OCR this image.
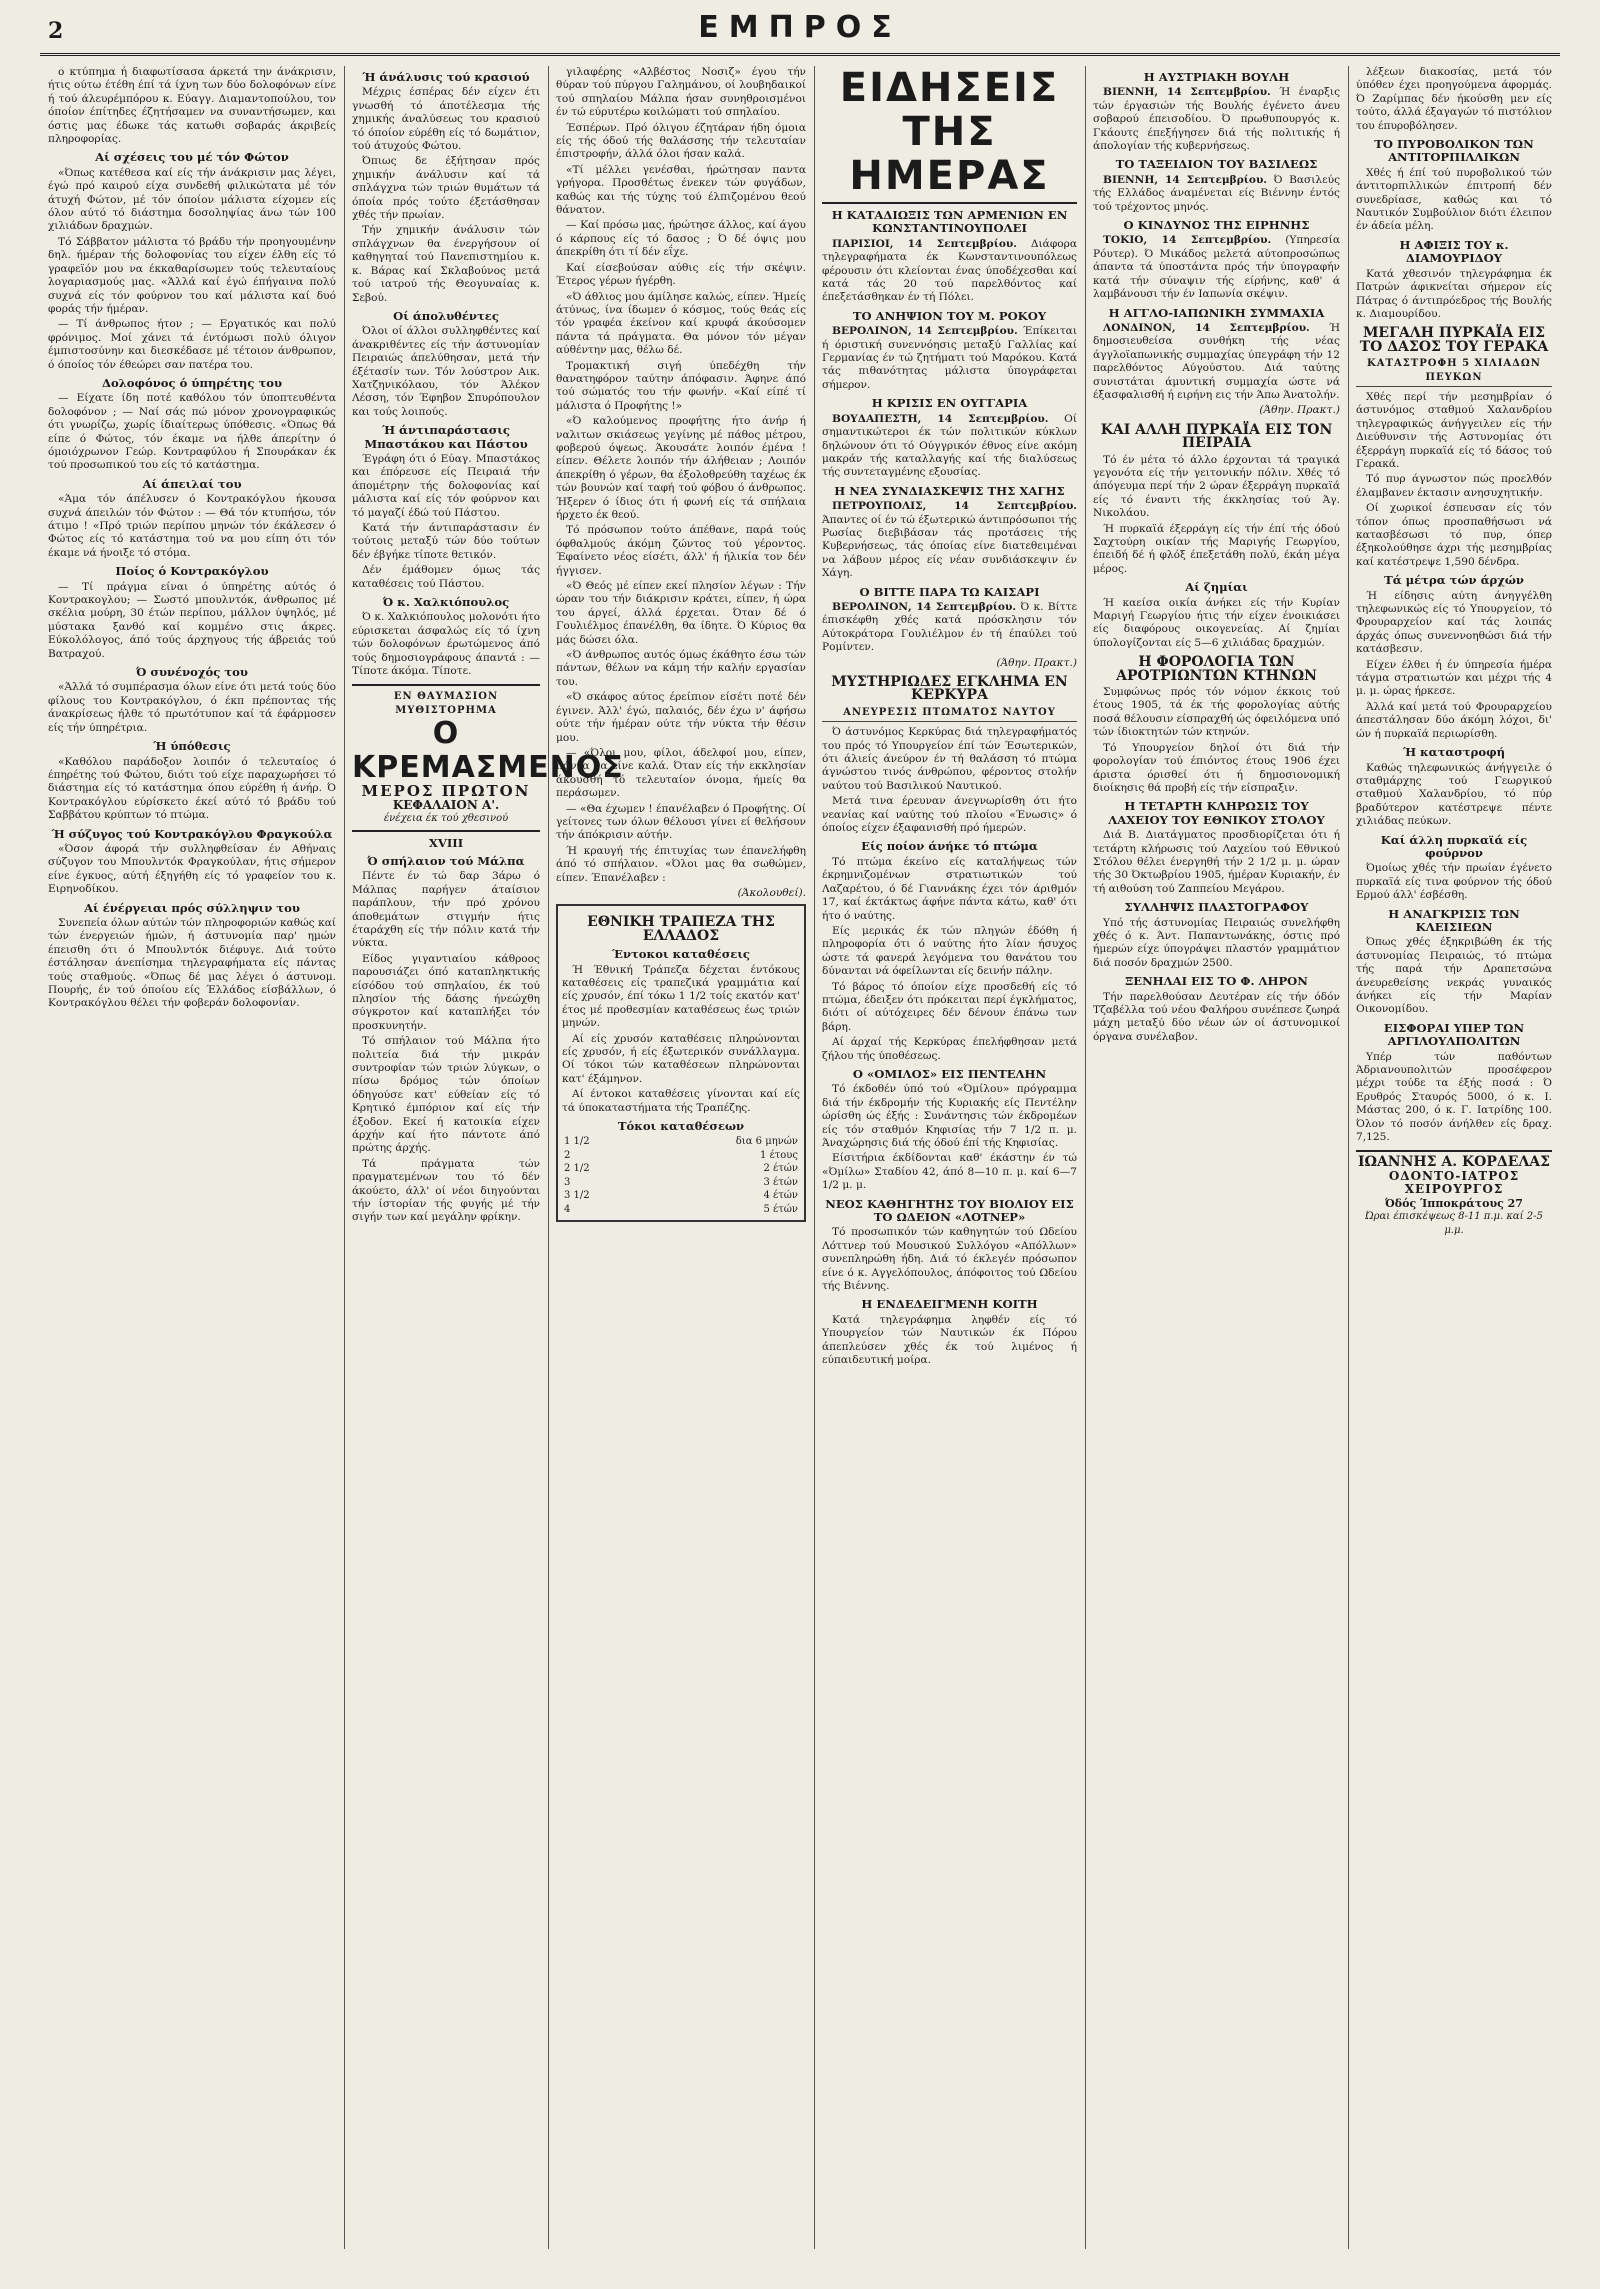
2	ΕΜΠΡΟΣ

ο κτύπημα ή διαφωτίσασα άρκετά την άνάκρισιν, ήτις ούτω έτέθη έπί τά ίχνη των δύο δολοφόνων είνε ή τού άλευρέμπόρου κ. Εύαγγ. Διαμαντοπούλου, τον όποίον έπίτηδες έζητήσαμεν να συναντήσωμεν, και όστις μας έδωκε τάς κατωθι σοβαράς άκριβείς πληροφορίας.

Αί σχέσεις του μέ τόν Φώτον

«Όπως κατέθεσα καί είς τήν άνάκρισιν μας λέγει, έγώ πρό καιρού είχα συνδεθή φιλικώτατα μέ τόν άτυχή Φώτον, μέ τόν όποίον μάλιστα είχομεν είς όλον αύτό τό διάστημα δοσοληψίας άνω τών 100 χιλιάδων δραχμών.

Τό Σάββατον μάλιστα τό βράδυ τήν προηγουμένην δηλ. ήμέραν τής δολοφονίας του είχεν έλθη είς τό γραφεϊόν μου να έκκαθαρίσωμεν τούς τελευταίους λογαριασμούς μας. «Άλλά καί έγώ έπήγαινα πολύ συχνά είς τόν φούρνον του καί μάλιστα καί δυό φοράς τήν ήμέραν.

— Τί άνθρωπος ήτον ; — Εργατικός και πολύ φρόνιμος. Μοί χάνει τά έντόμωσι πολύ όλιγον έμπιστοσύνην και διεσκέδασε μέ τέτοιον άνθρωπον, ό όποίος τόν έθεώρει σαν πατέρα του.

Δολοφόνος ό ύπηρέτης του

— Είχατε ίδη ποτέ καθόλου τόν ύποπτευθέντα δολοφόνον ; — Ναί σάς πώ μόνον χρονογραφικώς ότι γνωρίζω, χωρίς ίδιαίτερως ύπόθεσις. «Όπως θά είπε ό Φώτος, τόν έκαμε να ήλθε άπερίτην ό όμοιόχρωνον Γεώρ. Κοντραφύλου ή Σπουράκαν έκ τού προσωπικού του είς τό κατάστημα.

Αί άπειλαί του

«Άμα τόν άπέλυσεν ό Κοντρακόγλου ήκουσα συχνά άπειλών τόν Φώτον : — Θά τόν κτυπήσω, τόν άτιμο ! «Πρό τριών περίπου μηνών τόν έκάλεσεν ό Φώτος είς τό κατάστημα τού να μου είπη ότι τόν έκαμε νά ήνοιξε τό στόμα.

Ποίος ό Κοντρακόγλου

— Τί πράγμα είναι ό ύπηρέτης αύτός ό Κοντρακογλου; — Σωστό μπουλντόκ, άνθρωπος μέ σκέλια μούρη, 30 έτών περίπου, μάλλον ύψηλός, μέ μύστακα ξανθό καί κομμένο στις άκρες. Εύκολόλογος, άπό τούς άρχηγους τής άβρειάς τού Βατραχού.

Ό συνένοχός του

«Άλλά τό συμπέρασμα όλων είνε ότι μετά τούς δύο φίλους του Κοντρακόγλου, ό έκπ πρέποντας τής άνακρίσεως ήλθε τό πρωτότυπον καί τά έφάρμοσεν είς τήν ύπηρέτρια.

Ή ύπόθεσις

«Καθόλου παράδοξον λοιπόν ό τελευταίος ό έπηρέτης τού Φώτου, διότι τού είχε παραχωρήσει τό διάστημα είς τό κατάστημα όπου εύρέθη ή άνήρ. Ό Κοντρακόγλου εύρίσκετο έκεί αύτό τό βράδυ τού Σαββάτου κρύπτων τό πτώμα.

Ή σύζυγος τού Κοντρακόγλου Φραγκούλα

«Όσον άφορά τήν συλληφθείσαν έν Αθήναις σύζυγον του Μπουλντόκ Φραγκούλαν, ήτις σήμερον είνε έγκυος, αύτή έξηγήθη είς τό γραφείον του κ. Ειρηνοδίκου.

Αί ένέργειαι πρός σύλληψιν του

Συνεπεία όλων αύτών τών πληροφοριών καθώς καί τών ένεργειών ήμών, ή άστυνομία παρ' ημών έπεισθη ότι ό Μπουλντόκ διέφυγε. Διά τούτο έστάλησαν άνεπίσημα τηλεγραφήματα είς πάντας τούς σταθμούς. «Όπως δέ μας λέγει ό άστυνομ. Πουρής, έν τού όποίου είς Έλλάδος είσβάλλων, ό Κοντρακόγλου θέλει τήν φοβεράν δολοφονίαν.

Ή άνάλυσις τού κρασιού

Μέχρις έσπέρας δέν είχεν έτι γνωσθή τό άποτέλεσμα τής χημικής άναλύσεως του κρασιού τό όποίον εύρέθη είς τό δωμάτιον, τού άτυχούς Φώτου.

Όπιως δε έξήτησαν πρός χημικήν άνάλυσιν καί τά σπλάγχνα τών τριών θυμάτων τά όποία πρός τούτο έξετάσθησαν χθές τήν πρωίαν.

Τήν χημικήν άνάλυσιν τών σπλάγχνων θα ένεργήσουν οί καθηγηταί τού Πανεπιστημίου κ. κ. Βάρας καί Σκλαβούνος μετά τού ιατρού τής Θεογυναίας κ. Σεβού.

Οί άπολυθέντες

Όλοι οί άλλοι συλληφθέντες καί άνακριθέντες είς τήν άστυνομίαν Πειραιώς άπελύθησαν, μετά τήν έξέτασίν των. Τόν λούστρον Αικ. Χατζηνικόλαου, τόν Άλέκον Λέσση, τόν Έφηβον Σπυρόπουλον και τούς λοιπούς.

Ή άντιπαράστασις Μπαστάκου και Πάστου

Έγράφη ότι ό Εύαγ. Μπαστάκος και έπόρευσε είς Πειραιά τήν άπομέτρην τής δολοφονίας καί μάλιστα καί είς τόν φούρνον και τό μαγαζί έδώ τού Πάστου.

Κατά τήν άντιπαράστασιν έν τούτοις μεταξύ τών δύο τούτων δέν έβγήκε τίποτε θετικόν.

Δέν έμάθομεν όμως τάς καταθέσεις τού Πάστου.

Ό κ. Χαλκιόπουλος

Ό κ. Χαλκιόπουλος μολονότι ήτο εύρισκεται άσφαλώς είς τό ίχνη τών δολοφόνων έρωτώμενος άπό τούς δημοσιογράφους άπαντά : — Τίποτε άκόμα. Τίποτε.

ΕΝ ΘΑΥΜΑΣΙΟΝ ΜΥΘΙΣΤΟΡΗΜΑ
Ο ΚΡΕΜΑΣΜΕΝΟΣ
ΜΕΡΟΣ ΠΡΩΤΟΝ
ΚΕΦΑΛΑΙΟΝ Α'.
ένέχεια έκ τού χθεσινού
XVIII
Ό σπήλαιον τού Μάλπα

Πέντε έν τώ δαρ 3άρω ό Μάλπας παρήγεν άταίσιον παράπλουν, τήν πρό χρόνου άποθεμάτων στιγμήν ήτις έταράχθη είς τήν πόλιν κατά τήν νύκτα.

Είδος γιγαντιαίου κάθροος παρουσιάζει όπό καταπληκτικής είσόδου τού σπηλαίου, έκ τού πλησίον τής δάσης ήνεώχθη σύγκροτον καί καταπλήξει τόν προσκυνητήν.

Τό σπήλαιον τού Μάλπα ήτο πολιτεία διά τήν μικράν συντροφίαν τών τριών λύγκων, ο πίσω δρόμος τών όποίων όδηγούσε κατ' εύθείαν είς τό Κρητικό έμπόριον καί είς τήν έξοδον. Εκεί ή κατοικία είχεν άρχήν καί ήτο πάντοτε άπό πρώτης άρχής.

Τά πράγματα τών πραγματεμένων του τό δέν άκούετο, άλλ' οί νέοι διηγούνται τήν ίστορίαν τής φυγής μέ τήν σιγήν των καί μεγάλην φρίκην.

γιλαφέρης «Αλβέστος Νοσιζ» έγου τήν θύραν τού πύργου Γαλημάνου, οί λουβηδαικοί τού σπηλαίου Μάλπα ήσαν συνηθροισμένοι έν τώ εύρυτέρω κοιλώματι τού σπηλαίου.

Έσπέρων. Πρό όλιγου έζητάραν ήδη όμοια είς τής όδού τής θαλάσσης τήν τελευταίαν έπιστροφήν, άλλά όλοι ήσαν καλά.

«Τί μέλλει γενέσθαι, ήρώτησαν παντα γρήγορα. Προσθέτως ένεκεν τών φυγάδων, καθώς και τής τύχης τού έλπιζομένου θεού θάνατον.

— Καί πρόσω μας, ήρώτησε άλλος, καί άγου ό κάρπους είς τό δασος ; Ό δέ όψις μου άπεκρίθη ότι τί δέν εΐχε.

Καί είσεβούσαν αύθις είς τήν σκέψιν. Έτερος γέρων ήγέρθη.

«Ό άθλιος μου άμίλησε καλώς, είπεν. Ήμείς άτύνως, ίνα ίδωμεν ό κόσμος, τούς θεάς είς τόν γραφέα έκείνον καί κρυφά άκούσομεν πάντα τά πράγματα. Θα μόνον τόν μέγαν αύθέντην μας, θέλω δέ.

Τρομακτική σιγή ύπεδέχθη τήν θανατηφόρον ταύτην άπόφασιν. Άφηνε άπό τού σώματός του τήν φωνήν. «Καί είπέ τί μάλιστα ό Προφήτης !»

«Ό καλούμενος προφήτης ήτο άνήρ ή ναλιτων σκιάσεως γεγίνης μέ πάθος μέτρου, φοβερού όψεως. Άκουσάτε λοιπόν έμένα ! είπεν. Θέλετε λοιπόν τήν άλήθειαν ; Λοιπόν άπεκρίθη ό γέρων, θα έξολοθρεύθη ταχέως έκ τών βουνών καί ταφή τού φόβου ό άνθρωπος. Ήξερεν ό ίδιος ότι ή φωνή είς τά σπήλαια ήρχετο έκ θεού.

Τό πρόσωπον τούτο άπέθανε, παρά τούς όφθαλμούς άκόμη ζώντος τού γέροντος. Έφαίνετο νέος είσέτι, άλλ' ή ήλικία τον δέν ήγγισεν.

«Ό Θεός μέ είπεν εκεί πλησίον λέγων : Τήν ώραν του τήν διάκρισιν κράτει, είπεν, ή ώρα του άργεί, άλλά έρχεται. Όταν δέ ό Γουλιέλμος έπανέλθη, θα ίδητε. Ό Κύριος θα μάς δώσει όλα.

«Ό άνθρωπος αυτός όμως έκάθητο έσω τών πάντων, θέλων να κάμη τήν καλήν εργασίαν του.

«Ό σκάφος αύτος έρείπιον είσέτι ποτέ δέν έγινεν. Άλλ' έγώ, παλαιός, δέν έχω ν' άφήσω ούτε τήν ήμέραν ούτε τήν νύκτα τήν θέσιν μου.

— «Όλοι μου, φίλοι, άδελφοί μου, είπεν, πάντα θα είνε καλά. Όταν είς τήν εκκλησίαν άκουσθή τό τελευταίον όνομα, ήμείς θα περάσωμεν.

— «Θα έχωμεν ! έπανέλαβεν ό Προφήτης. Οί γείτονες των όλων θέλουσι γίνει εί θελήσουν τήν άπόκρισιν αύτήν.

Ή κραυγή τής έπιτυχίας των έπανελήφθη άπό τό σπήλαιον. «Όλοι μας θα σωθώμεν, είπεν. Έπανέλαβεν :

(Άκολουθεί).

ΕΘΝΙΚΗ ΤΡΑΠΕΖΑ ΤΗΣ ΕΛΛΑΔΟΣ
Έντοκοι καταθέσεις

Ή Έθνική Τράπεζα δέχεται έντόκους καταθέσεις είς τραπεζικά γραμμάτια καί είς χρυσόν, έπί τόκω 1 1/2 τοίς εκατόν κατ' έτος μέ προθεσμίαν καταθέσεως έως τριών μηνών.

Αί είς χρυσόν καταθέσεις πληρώνονται είς χρυσόν, ή είς έξωτερικόν συνάλλαγμα. Οί τόκοι τών καταθέσεων πληρώνονται κατ' έξάμηνον.

Αί έντοκοι καταθέσεις γίνονται καί είς τά ύποκαταστήματα τής Τραπέζης.

Τόκοι καταθέσεων
1 1/2	δια 6 μηνών
2	1 έτους
2 1/2	2 έτών
3	3 έτών
3 1/2	4 έτών
4	5 έτών
ΕΙΔΗΣΕΙΣ ΤΗΣ ΗΜΕΡΑΣ
Η ΚΑΤΑΔΙΩΞΙΣ ΤΩΝ ΑΡΜΕΝΙΩΝ ΕΝ ΚΩΝΣΤΑΝΤΙΝΟΥΠΟΛΕΙ

ΠΑΡΙΣΙΟΙ, 14 Σεπτεμβρίου. Διάφορα τηλεγραφήματα έκ Κωνσταντινουπόλεως φέρουσιν ότι κλείονται ένας ύποδέχεσθαι καί κατά τάς 20 τού παρελθόντος καί έπεξετάσθηκαν έν τή Πόλει.

ΤΟ ΑΝΗΨΙΟΝ ΤΟΥ Μ. ΡΟΚΟΥ

ΒΕΡΟΛΙΝΟΝ, 14 Σεπτεμβρίου. Έπίκειται ή όριστική συνεννόησις μεταξύ Γαλλίας καί Γερμανίας έν τώ ζητήματι τού Μαρόκου. Κατά τάς πιθανότητας μάλιστα ύπογράφεται σήμερον.

Η ΚΡΙΣΙΣ ΕΝ ΟΥΓΓΑΡΙΑ

ΒΟΥΔΑΠΕΣΤΗ, 14 Σεπτεμβρίου. Οί σημαντικώτεροι έκ τών πολιτικών κύκλων δηλώνουν ότι τό Ούγγρικόν έθνος είνε ακόμη μακράν τής καταλλαγής καί τής διαλύσεως τής συντεταγμένης εξουσίας.

Η ΝΕΑ ΣΥΝΔΙΑΣΚΕΨΙΣ ΤΗΣ ΧΑΓΗΣ

ΠΕΤΡΟΥΠΟΛΙΣ, 14 Σεπτεμβρίου. Άπαντες οί έν τώ έξωτερικώ άντιπρόσωποι τής Ρωσίας διεβιβάσαν τάς προτάσεις τής Κυβερνήσεως, τάς όποίας είνε διατεθειμέναι να λάβουν μέρος είς νέαν συνδιάσκεψιν έν Χάγη.

Ο ΒΙΤΤΕ ΠΑΡΑ ΤΩ ΚΑΙΣΑΡΙ

ΒΕΡΟΛΙΝΟΝ, 14 Σεπτεμβρίου. Ό κ. Βίττε έπισκέφθη χθές κατά πρόσκλησιν τόν Αύτοκράτορα Γουλιέλμον έν τή έπαύλει τού Ρομίντεν.

(Άθην. Πρακτ.)

ΜΥΣΤΗΡΙΩΔΕΣ ΕΓΚΛΗΜΑ ΕΝ ΚΕΡΚΥΡΑ
ΑΝΕΥΡΕΣΙΣ ΠΤΩΜΑΤΟΣ ΝΑΥΤΟΥ

Ό άστυνόμος Κερκύρας διά τηλεγραφήματός του πρός τό Υπουργείον έπί τών Έσωτερικών, ότι άλιείς άνεύρον έν τή θαλάσση τό πτώμα άγνώστου τινός άνθρώπου, φέροντος στολήν ναύτου τού Βασιλικού Ναυτικού.

Μετά τινα έρευναν άνεγνωρίσθη ότι ήτο νεανίας καί ναύτης τού πλοίου «Ένωσις» ό όποίος είχεν έξαφανισθή πρό ήμερών.

Είς ποίον άνήκε τό πτώμα

Τό πτώμα έκείνο είς καταλήψεως τών έκρημνιζομένων στρατιωτικών τού Λαζαρέτου, ό δέ Γιαννάκης έχει τόν άριθμόν 17, καί έκτάκτως άφήνε πάντα κάτω, καθ' ότι ήτο ό ναύτης.

Είς μερικάς έκ τών πληγών έδόθη ή πληροφορία ότι ό ναύτης ήτο λίαν ήσυχος ώστε τά φανερά λεγόμενα του θανάτου του δύνανται νά όφείλωνται είς δεινήν πάλην.

Τό βάρος τό όποίον είχε προσδεθή είς τό πτώμα, έδειξεν ότι πρόκειται περί έγκλήματος, διότι οί αύτόχειρες δέν δένουν έπάνω των βάρη.

Αί άρχαί τής Κερκύρας έπελήφθησαν μετά ζήλου τής ύποθέσεως.

Ο «ΟΜΙΛΟΣ» ΕΙΣ ΠΕΝΤΕΛΗΝ

Τό έκδοθέν ύπό τού «Όμίλου» πρόγραμμα διά τήν έκδρομήν τής Κυριακής είς Πεντέλην ώρίσθη ώς έξής : Συνάντησις τών έκδρομέων είς τόν σταθμόν Κηφισίας τήν 7 1/2 π. μ. Άναχώρησις διά τής όδού έπί τής Κηφισίας.

Είσιτήρια έκδίδονται καθ' έκάστην έν τώ «Όμίλω» Σταδίου 42, άπό 8—10 π. μ. καί 6—7 1/2 μ. μ.

ΝΕΟΣ ΚΑΘΗΓΗΤΗΣ ΤΟΥ ΒΙΟΛΙΟΥ ΕΙΣ ΤΟ ΩΔΕΙΟΝ «ΛΟΤΝΕΡ»

Τό προσωπικόν τών καθηγητών τού Ωδείου Λόττνερ τού Μουσικού Συλλόγου «Απόλλων» συνεπληρώθη ήδη. Διά τό έκλεγέν πρόσωπον είνε ό κ. Αγγελόπουλος, άπόφοιτος τού Ωδείου τής Βιέννης.

Η ΕΝΔΕΔΕΙΓΜΕΝΗ ΚΟΙΤΗ

Κατά τηλεγράφημα ληφθέν είς τό Υπουργείον τών Ναυτικών έκ Πόρου άπεπλεύσεν χθές έκ τού λιμένος ή εύπαιδευτική μοίρα.

Η ΑΥΣΤΡΙΑΚΗ ΒΟΥΛΗ

ΒΙΕΝΝΗ, 14 Σεπτεμβρίου. Ή έναρξις τών έργασιών τής Βουλής έγένετο άνευ σοβαρού έπεισοδίου. Ό πρωθυπουργός κ. Γκάουτς έπεξήγησεν διά τής πολιτικής ή άπολογίαν τής κυβερνήσεως.

ΤΟ ΤΑΞΕΙΔΙΟΝ ΤΟΥ ΒΑΣΙΛΕΩΣ

ΒΙΕΝΝΗ, 14 Σεπτεμβρίου. Ό Βασιλεύς τής Ελλάδος άναμένεται είς Βιέννην έντός τού τρέχοντος μηνός.

Ο ΚΙΝΔΥΝΟΣ ΤΗΣ ΕΙΡΗΝΗΣ

ΤΟΚΙΟ, 14 Σεπτεμβρίου. (Υπηρεσία Ρόυτερ). Ό Μικάδος μελετά αύτοπροσώπως άπαντα τά ύποστάντα πρός τήν ύπογραφήν κατά τήν σύναψιν τής είρήνης, καθ' ά λαμβάνουσι τήν έν Ιαπωνία σκέψιν.

Η ΑΓΓΛΟ-ΙΑΠΩΝΙΚΗ ΣΥΜΜΑΧΙΑ

ΛΟΝΔΙΝΟΝ, 14 Σεπτεμβρίου. Ή δημοσιευθείσα συνθήκη τής νέας άγγλοϊαπωνικής συμμαχίας ύπεγράφη τήν 12 παρελθόντος Αύγούστου. Διά ταύτης συνιστάται άμυντική συμμαχία ώστε νά έξασφαλισθή ή ειρήνη εις τήν Άπω Άνατολήν.

(Άθην. Πρακτ.)

ΚΑΙ ΑΛΛΗ ΠΥΡΚΑΪΑ ΕΙΣ ΤΟΝ ΠΕΙΡΑΙΑ

Τό έν μέτα τό άλλο έρχονται τά τραγικά γεγονότα είς τήν γειτονικήν πόλιν. Χθές τό άπόγευμα περί τήν 2 ώραν έξερράγη πυρκαϊά είς τό έναντι τής έκκλησίας τού Άγ. Νικολάου.

Ή πυρκαϊά έξερράγη είς τήν έπί τής όδού Σαχτούρη οικίαν τής Μαριγής Γεωργίου, έπειδή δέ ή φλόξ έπεξετάθη πολύ, έκάη μέγα μέρος.

Αί ζημίαι

Ή καείσα οικία άνήκει είς τήν Κυρίαν Μαριγή Γεωργίου ήτις τήν είχεν ένοικιάσει είς διαφόρους οικογενείας. Αί ζημίαι ύπολογίζονται είς 5—6 χιλιάδας δραχμών.

Η ΦΟΡΟΛΟΓΙΑ ΤΩΝ ΑΡΟΤΡΙΩΝΤΩΝ ΚΤΗΝΩΝ

Συμφώνως πρός τόν νόμον έκκοις τού έτους 1905, τά έκ τής φορολογίας αύτής ποσά θέλουσιν είσπραχθή ώς όφειλόμενα υπό τών ίδιοκτητών τών κτηνών.

Τό Υπουργείον δηλοί ότι διά τήν φορολογίαν τού έπιόντος έτους 1906 έχει άριστα όρισθεί ότι ή δημοσιονομική διοίκησις θά προβή είς τήν είσπραξιν.

Η ΤΕΤΑΡΤΗ ΚΛΗΡΩΣΙΣ ΤΟΥ ΛΑΧΕΙΟΥ ΤΟΥ ΕΘΝΙΚΟΥ ΣΤΟΛΟΥ

Διά Β. Διατάγματος προσδιορίζεται ότι ή τετάρτη κλήρωσις τού Λαχείου τού Εθνικού Στόλου θέλει ένεργηθή τήν 2 1/2 μ. μ. ώραν τής 30 Όκτωβρίου 1905, ήμέραν Κυριακήν, έν τή αιθούση τού Ζαππείου Μεγάρου.

ΣΥΛΛΗΨΙΣ ΠΛΑΣΤΟΓΡΑΦΟΥ

Υπό τής άστυνομίας Πειραιώς συνελήφθη χθές ό κ. Άντ. Παπαντωνάκης, όστις πρό ήμερών είχε ύπογράψει πλαστόν γραμμάτιον διά ποσόν δραχμών 2500.

ΞΕΝΗΛΑΙ ΕΙΣ ΤΟ Φ. ΛΗΡΟΝ

Τήν παρελθούσαν Δευτέραν είς τήν όδόν Τζαβέλλα τού νέου Φαλήρου συνέπεσε ζωηρά μάχη μεταξύ δύο νέων ών οί άστυνομικοί όργανα συνέλαβον.

λέξεων διακοσίας, μετά τόν ύπόθεν έχει προηγούμενα άφορμάς. Ό Ζαρίμπας δέν ήκούσθη μεν είς τούτο, άλλά έξαγαγών τό πιστόλιον του έπυροβόλησεν.

ΤΟ ΠΥΡΟΒΟΛΙΚΟΝ ΤΩΝ ΑΝΤΙΤΟΡΠΙΛΛΙΚΩΝ

Χθές ή έπί τού πυροβολικού τών άντιτορπιλλικών έπιτροπή δέν συνεδρίασε, καθώς και τό Ναυτικόν Συμβούλιον διότι έλειπον έν άδεία μέλη.

Η ΑΦΙΞΙΣ ΤΟΥ κ. ΔΙΑΜΟΥΡΙΔΟΥ

Κατά χθεσινόν τηλεγράφημα έκ Πατρών άφικνείται σήμερον είς Πάτρας ό άντιπρόεδρος τής Βουλής κ. Διαμουρίδου.

ΜΕΓΑΛΗ ΠΥΡΚΑΪΑ ΕΙΣ ΤΟ ΔΑΣΟΣ ΤΟΥ ΓΕΡΑΚΑ
ΚΑΤΑΣΤΡΟΦΗ 5 ΧΙΛΙΑΔΩΝ ΠΕΥΚΩΝ

Χθές περί τήν μεσημβρίαν ό άστυνόμος σταθμού Χαλανδρίου τηλεγραφικώς άνήγγειλεν είς τήν Διεύθυνσιν τής Αστυνομίας ότι έξερράγη πυρκαϊά είς τό δάσος τού Γερακά.

Τό πυρ άγνωστον πώς προελθόν έλαμβανεν έκτασιν ανησυχητικήν.

Οί χωρικοί έσπευσαν είς τόν τόπον όπως προσπαθήσωσι νά κατασβέσωσι τό πυρ, όπερ έξηκολούθησε άχρι τής μεσημβρίας καί κατέστρεψε 1,590 δένδρα.

Τά μέτρα τών άρχών

Ή είδησις αύτη άνηγγέλθη τηλεφωνικώς είς τό Υπουργείον, τό Φρουραρχείον καί τάς λοιπάς άρχάς όπως συνεννοηθώσι διά τήν κατάσβεσιν.

Είχεν έλθει ή έν ύπηρεσία ήμέρα τάγμα στρατιωτών και μέχρι τής 4 μ. μ. ώρας ήρκεσε.

Άλλά καί μετά τού Φρουραρχείου άπεστάλησαν δύο άκόμη λόχοι, δι' ών ή πυρκαϊά περιωρίσθη.

Ή καταστροφή

Καθώς τηλεφωνικώς άνήγγειλε ό σταθμάρχης τού Γεωργικού σταθμού Χαλανδρίου, τό πύρ βραδύτερον κατέστρεψε πέντε χιλιάδας πεύκων.

Καί άλλη πυρκαϊά είς φούρνον

Όμοίως χθές τήν πρωίαν έγένετο πυρκαϊά είς τινα φούρνον τής όδού Ερμού άλλ' έσβέσθη.

Η ΑΝΑΓΚΡΙΣΙΣ ΤΩΝ ΚΛΕΙΣΙΕΩΝ

Όπως χθές έξηκριβώθη έκ τής άστυνομίας Πειραιώς, τό πτώμα τής παρά τήν Δραπετσώνα άνευρεθείσης νεκράς γυναικός άνήκει είς τήν Μαρίαν Οικονομίδου.

ΕΙΣΦΟΡΑΙ ΥΠΕΡ ΤΩΝ ΑΡΓΙΛΟΥΛΠΟΛΙΤΩΝ

Υπέρ τών παθόντων Άδριανουπολιτών προσέφερον μέχρι τούδε τα έξής ποσά : Ό Ερυθρός Σταυρός 5000, ό κ. Ι. Μάστας 200, ό κ. Γ. Ιατρίδης 100. Όλον τό ποσόν άνήλθεν είς δραχ. 7,125.

ΙΩΑΝΝΗΣ Α. ΚΟΡΔΕΛΑΣ
ΟΔΟΝΤΟ-ΙΑΤΡΟΣ ΧΕΙΡΟΥΡΓΟΣ
Όδός Ίπποκράτους 27
Ώραι έπισκέψεως 8-11 π.μ. καί 2-5 μ.μ.
